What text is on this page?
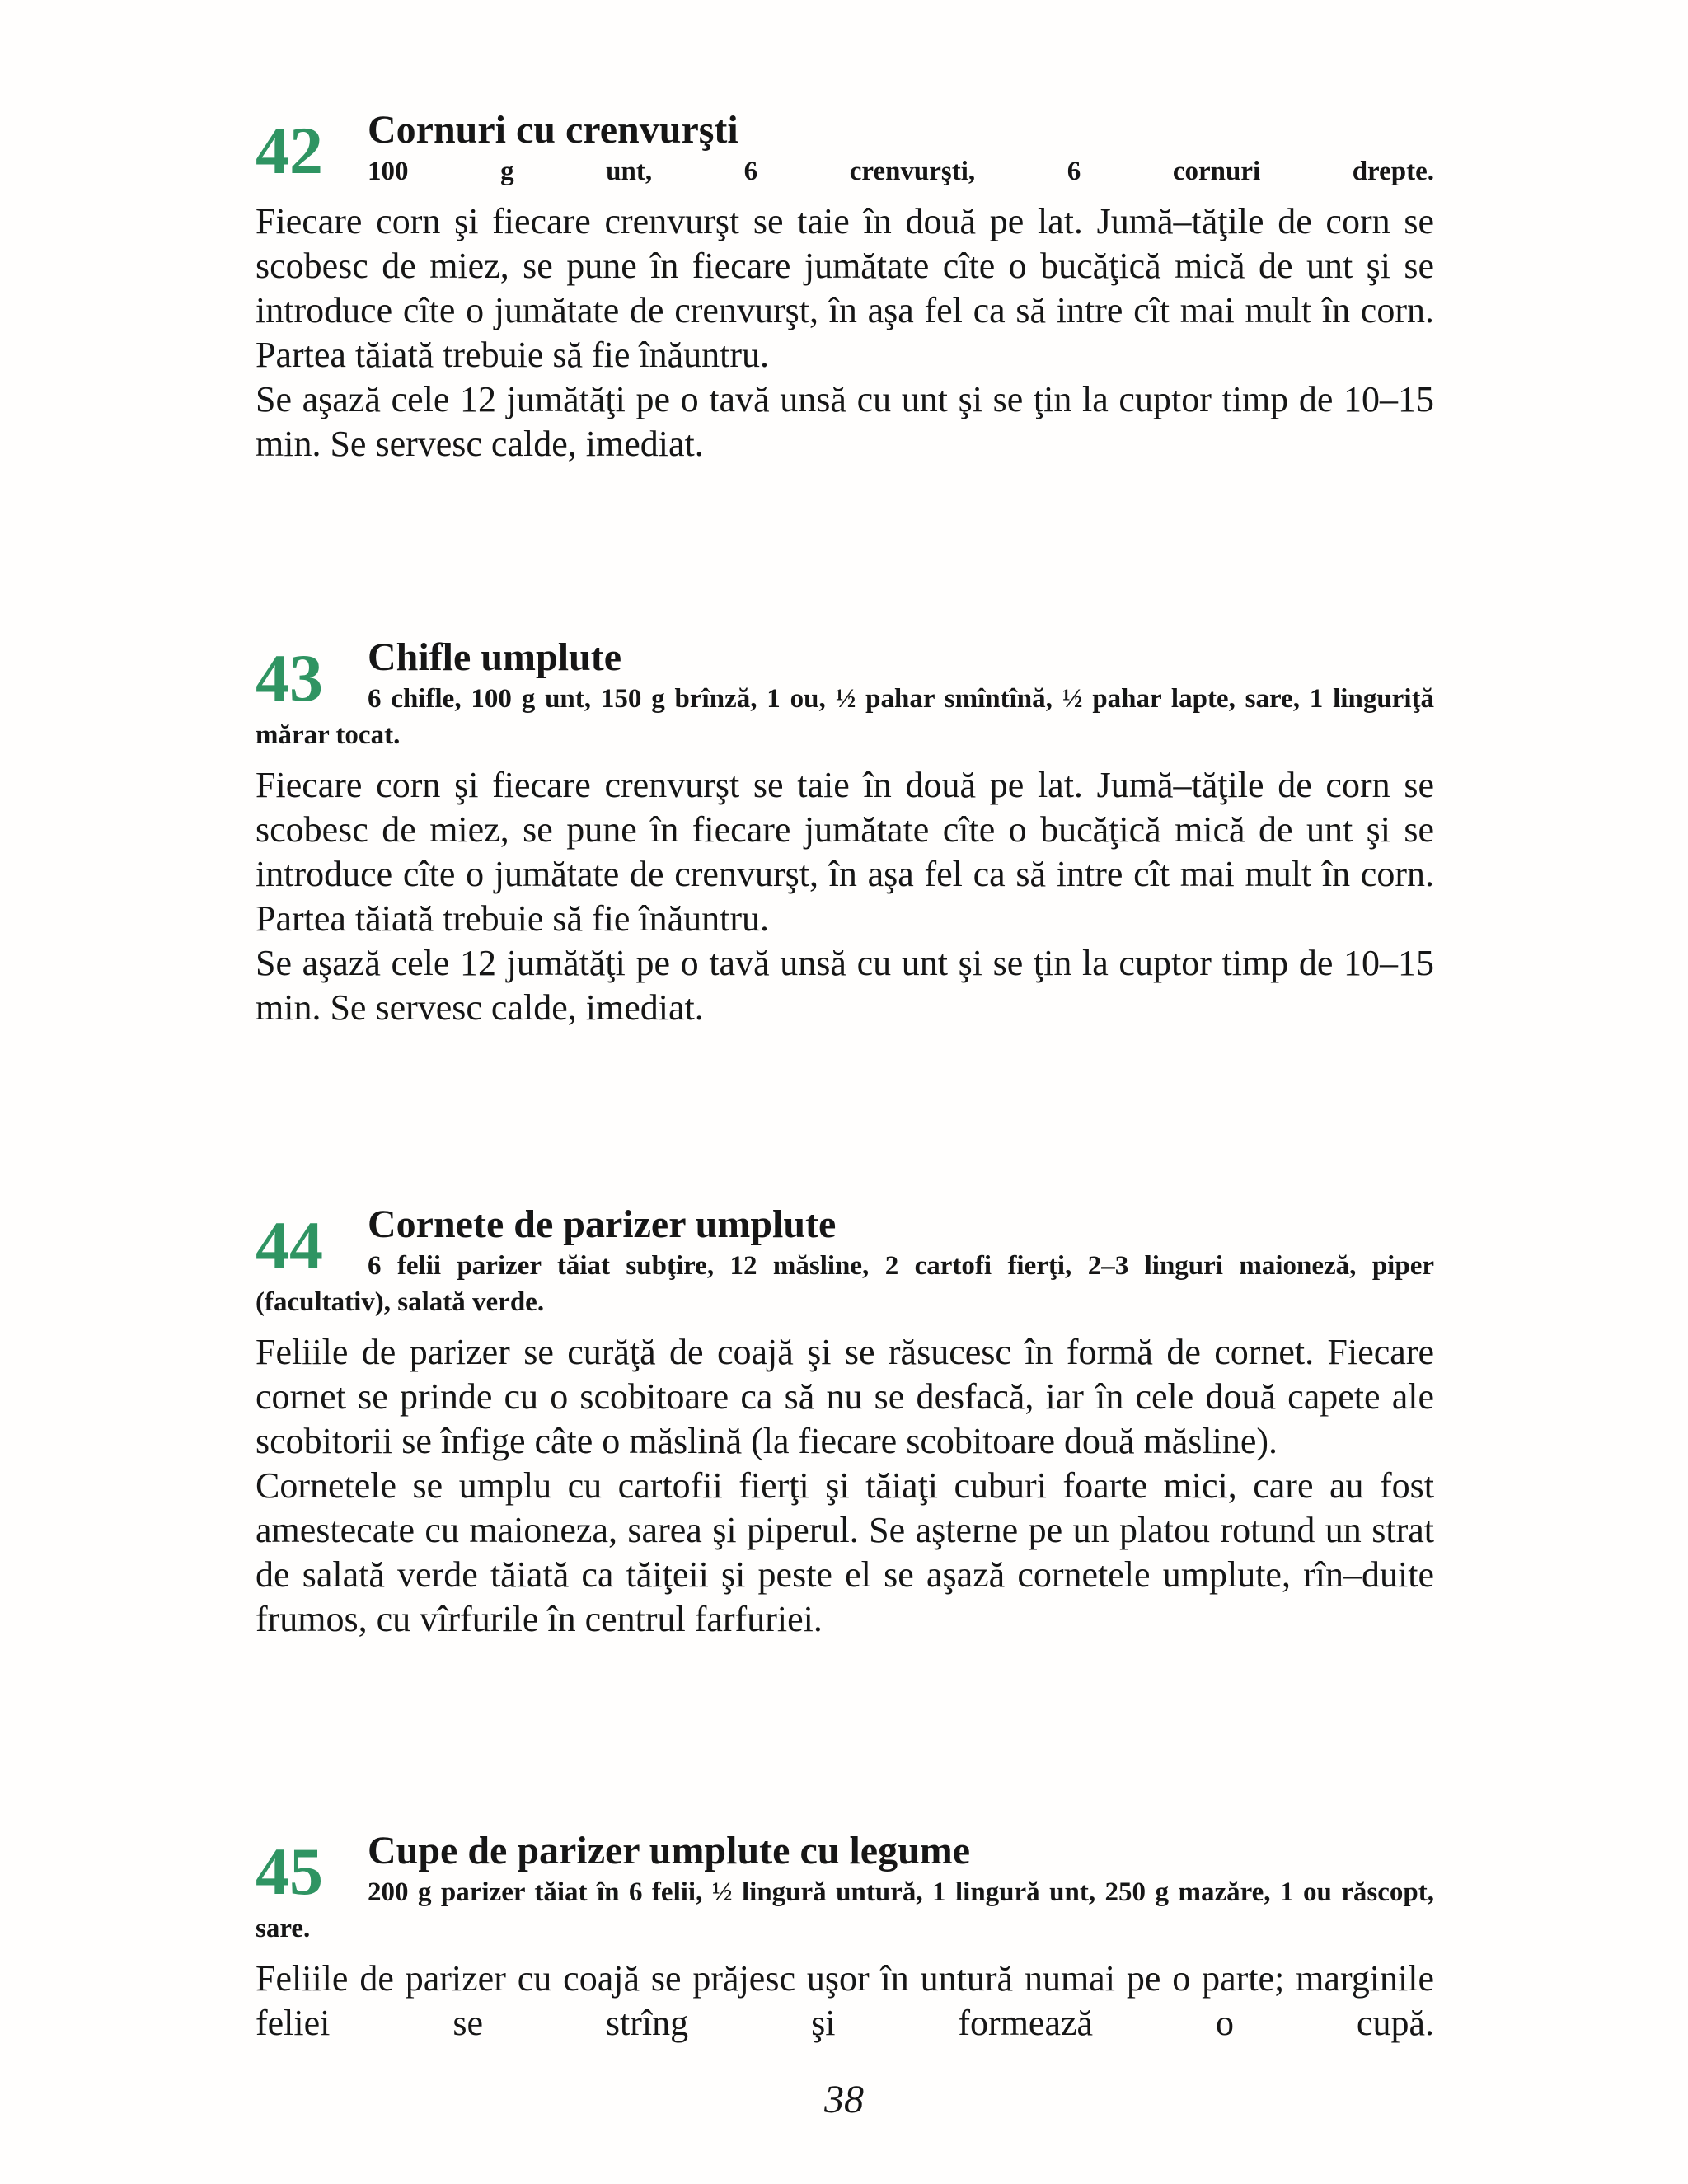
42 Cornuri cu crenvurşti
100 g unt, 6 crenvurşti, 6 cornuri drepte.

Fiecare corn şi fiecare crenvurşt se taie în două pe lat. Jumă–tăţile de corn se scobesc de miez, se pune în fiecare jumătate cîte o bucăţică mică de unt şi se introduce cîte o jumătate de crenvurşt, în aşa fel ca să intre cît mai mult în corn. Partea tăiată trebuie să fie înăuntru.

Se aşază cele 12 jumătăţi pe o tavă unsă cu unt şi se ţin la cuptor timp de 10–15 min. Se servesc calde, imediat.

43 Chifle umplute
6 chifle, 100 g unt, 150 g brînză, 1 ou, ½ pahar smîntînă, ½ pahar lapte, sare, 1 linguriţă mărar tocat.

Fiecare corn şi fiecare crenvurşt se taie în două pe lat. Jumă–tăţile de corn se scobesc de miez, se pune în fiecare jumătate cîte o bucăţică mică de unt şi se introduce cîte o jumătate de crenvurşt, în aşa fel ca să intre cît mai mult în corn. Partea tăiată trebuie să fie înăuntru.

Se aşază cele 12 jumătăţi pe o tavă unsă cu unt şi se ţin la cuptor timp de 10–15 min. Se servesc calde, imediat.

44 Cornete de parizer umplute
6 felii parizer tăiat subţire, 12 măsline, 2 cartofi fierţi, 2–3 linguri maioneză, piper (facultativ), salată verde.

Feliile de parizer se curăţă de coajă şi se răsucesc în formă de cornet. Fiecare cornet se prinde cu o scobitoare ca să nu se desfacă, iar în cele două capete ale scobitorii se înfige câte o măslină (la fiecare scobitoare două măsline).

Cornetele se umplu cu cartofii fierţi şi tăiaţi cuburi foarte mici, care au fost amestecate cu maioneza, sarea şi piperul. Se aşterne pe un platou rotund un strat de salată verde tăiată ca tăiţeii şi peste el se aşază cornetele umplute, rîn–duite frumos, cu vîrfurile în centrul farfuriei.

45 Cupe de parizer umplute cu legume
200 g parizer tăiat în 6 felii, ½ lingură untură, 1 lingură unt, 250 g mazăre, 1 ou răscopt, sare.

Feliile de parizer cu coajă se prăjesc uşor în untură numai pe o parte; marginile feliei se strîng şi formează o cupă.

38
